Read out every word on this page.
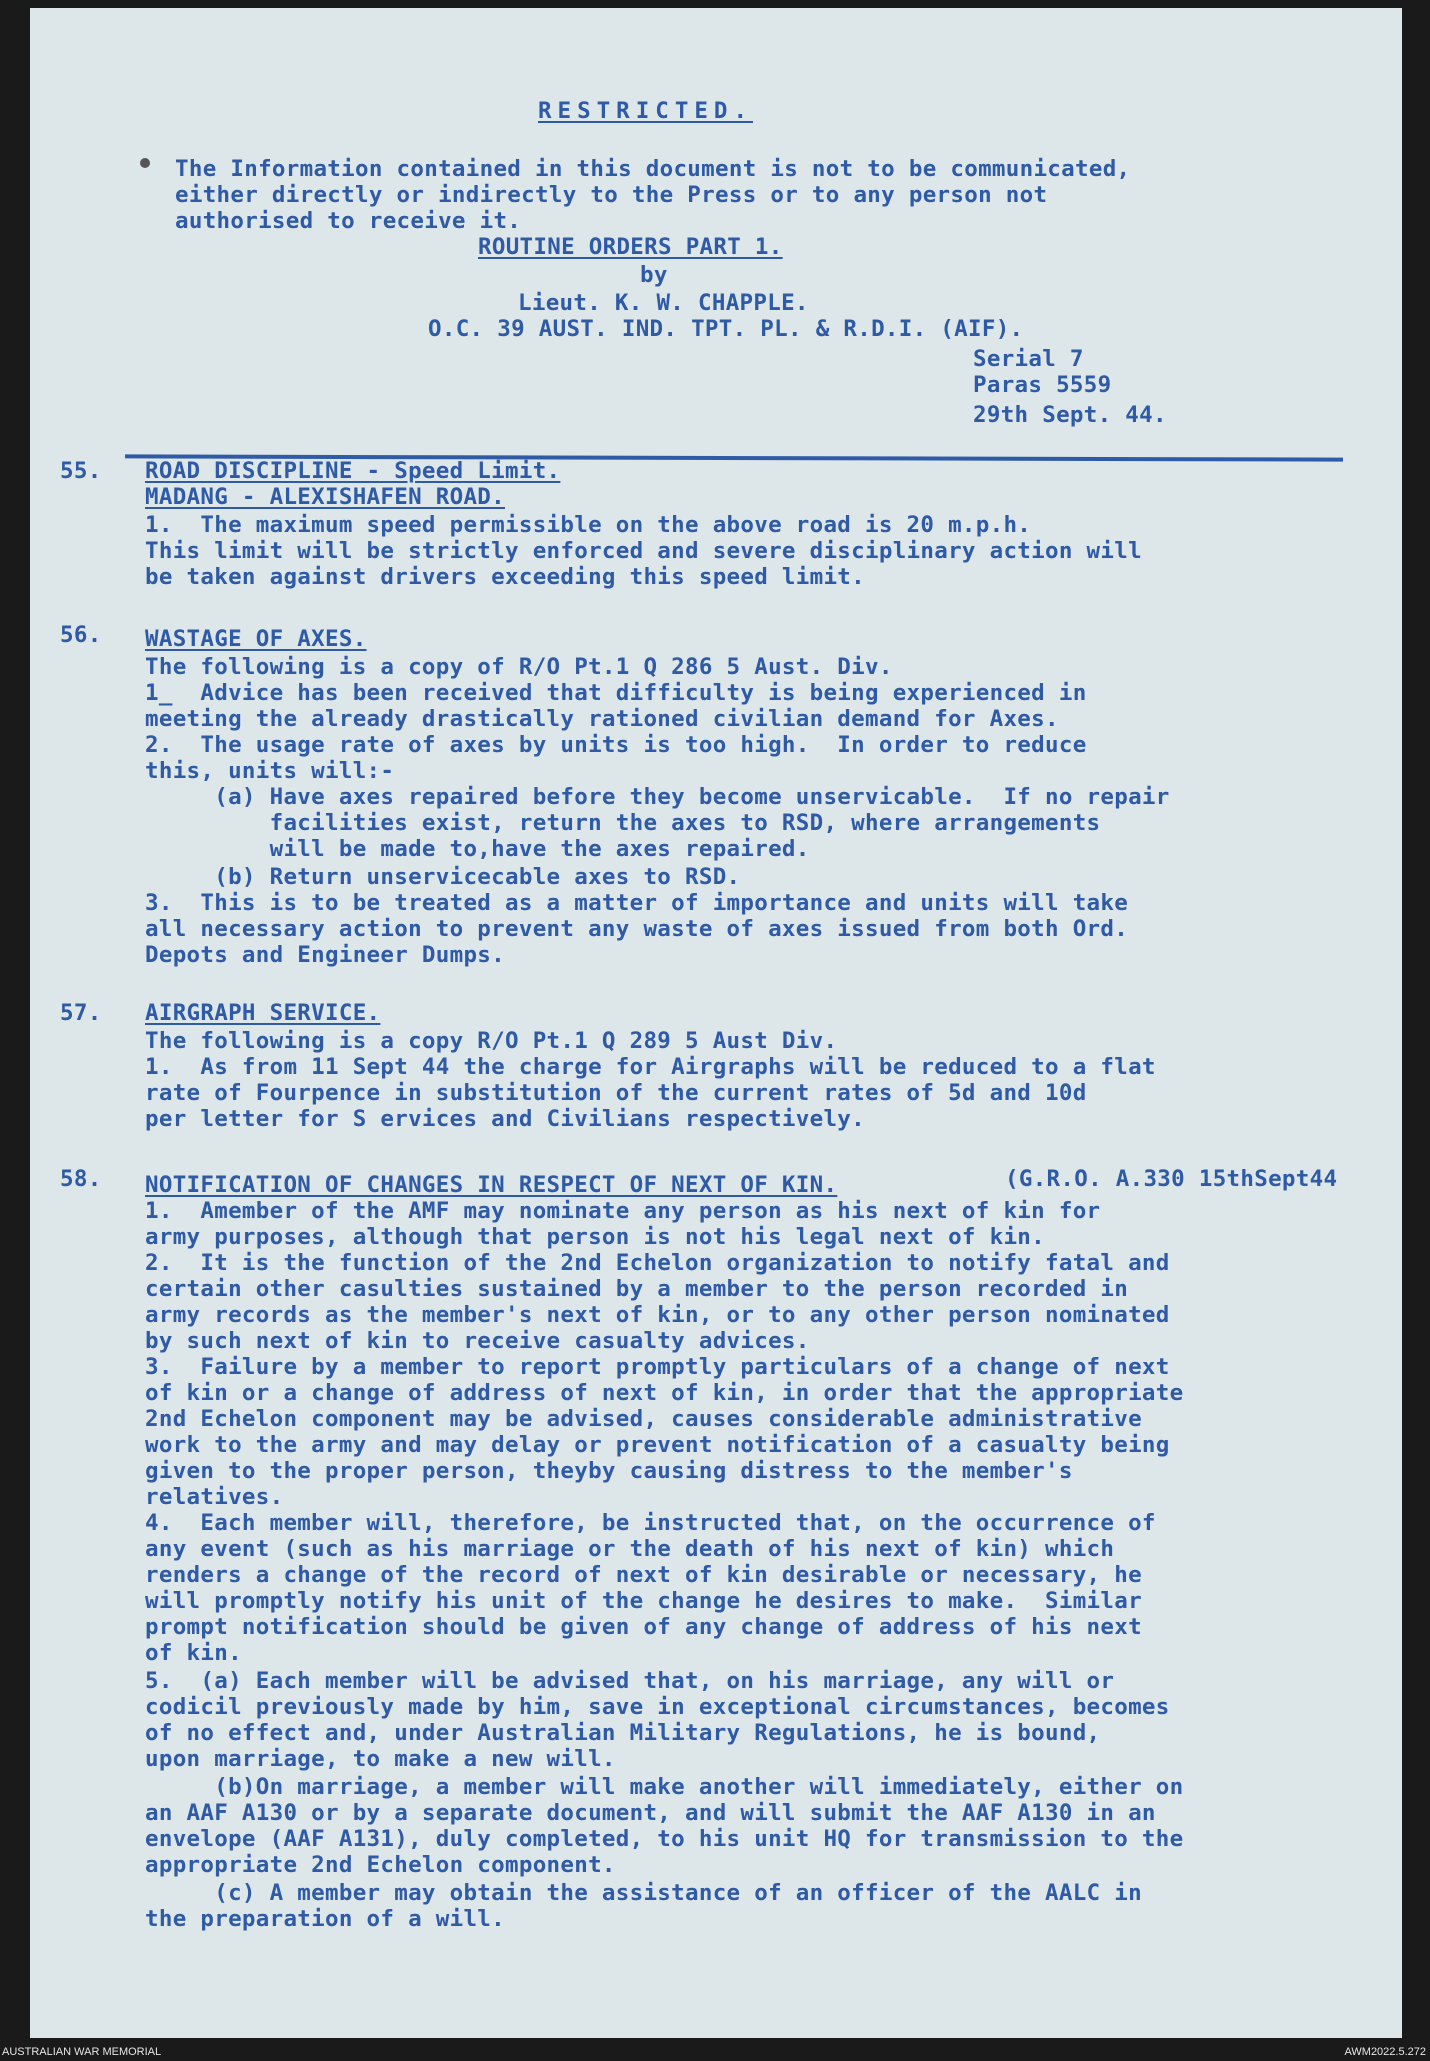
RESTRICTED.
The Information contained in this document is not to be communicated,
either directly or indirectly to the Press or to any person not
authorised to receive it.
ROUTINE ORDERS PART 1.
by
Lieut. K. W. CHAPPLE.
O.C. 39 AUST. IND. TPT. PL. & R.D.I. (AIF).
Serial 7
Paras 5559
29th Sept. 44.
55. ROAD DISCIPLINE - Speed Limit.
MADANG - ALEXISHAFEN ROAD.
1.  The maximum speed permissible on the above road is 20 m.p.h.
This limit will be strictly enforced and severe disciplinary action will
be taken against drivers exceeding this speed limit.
56. WASTAGE OF AXES.
The following is a copy of R/O Pt.1 Q 286 5 Aust. Div.
1_  Advice has been received that difficulty is being experienced in
meeting the already drastically rationed civilian demand for Axes.
2.  The usage rate of axes by units is too high.  In order to reduce
this, units will:-
(a) Have axes repaired before they become unservicable.  If no repair
facilities exist, return the axes to RSD, where arrangements
will be made to,have the axes repaired.
(b) Return unservicecable axes to RSD.
3.  This is to be treated as a matter of importance and units will take
all necessary action to prevent any waste of axes issued from both Ord.
Depots and Engineer Dumps.
57. AIRGRAPH SERVICE.
The following is a copy R/O Pt.1 Q 289 5 Aust Div.
1.  As from 11 Sept 44 the charge for Airgraphs will be reduced to a flat
rate of Fourpence in substitution of the current rates of 5d and 10d
per letter for S ervices and Civilians respectively.
58. NOTIFICATION OF CHANGES IN RESPECT OF NEXT OF KIN.	(G.R.O. A.330 15thSept44
1.  Amember of the AMF may nominate any person as his next of kin for
army purposes, although that person is not his legal next of kin.
2.  It is the function of the 2nd Echelon organization to notify fatal and
certain other casulties sustained by a member to the person recorded in
army records as the member's next of kin, or to any other person nominated
by such next of kin to receive casualty advices.
3.  Failure by a member to report promptly particulars of a change of next
of kin or a change of address of next of kin, in order that the appropriate
2nd Echelon component may be advised, causes considerable administrative
work to the army and may delay or prevent notification of a casualty being
given to the proper person, theyby causing distress to the member's
relatives.
4.  Each member will, therefore, be instructed that, on the occurrence of
any event (such as his marriage or the death of his next of kin) which
renders a change of the record of next of kin desirable or necessary, he
will promptly notify his unit of the change he desires to make.  Similar
prompt notification should be given of any change of address of his next
of kin.
5.  (a) Each member will be advised that, on his marriage, any will or
codicil previously made by him, save in exceptional circumstances, becomes
of no effect and, under Australian Military Regulations, he is bound,
upon marriage, to make a new will.
(b)On marriage, a member will make another will immediately, either on
an AAF A130 or by a separate document, and will submit the AAF A130 in an
envelope (AAF A131), duly completed, to his unit HQ for transmission to the
appropriate 2nd Echelon component.
(c) A member may obtain the assistance of an officer of the AALC in
the preparation of a will.
AUSTRALIAN WAR MEMORIAL	AWM2022.5.272
